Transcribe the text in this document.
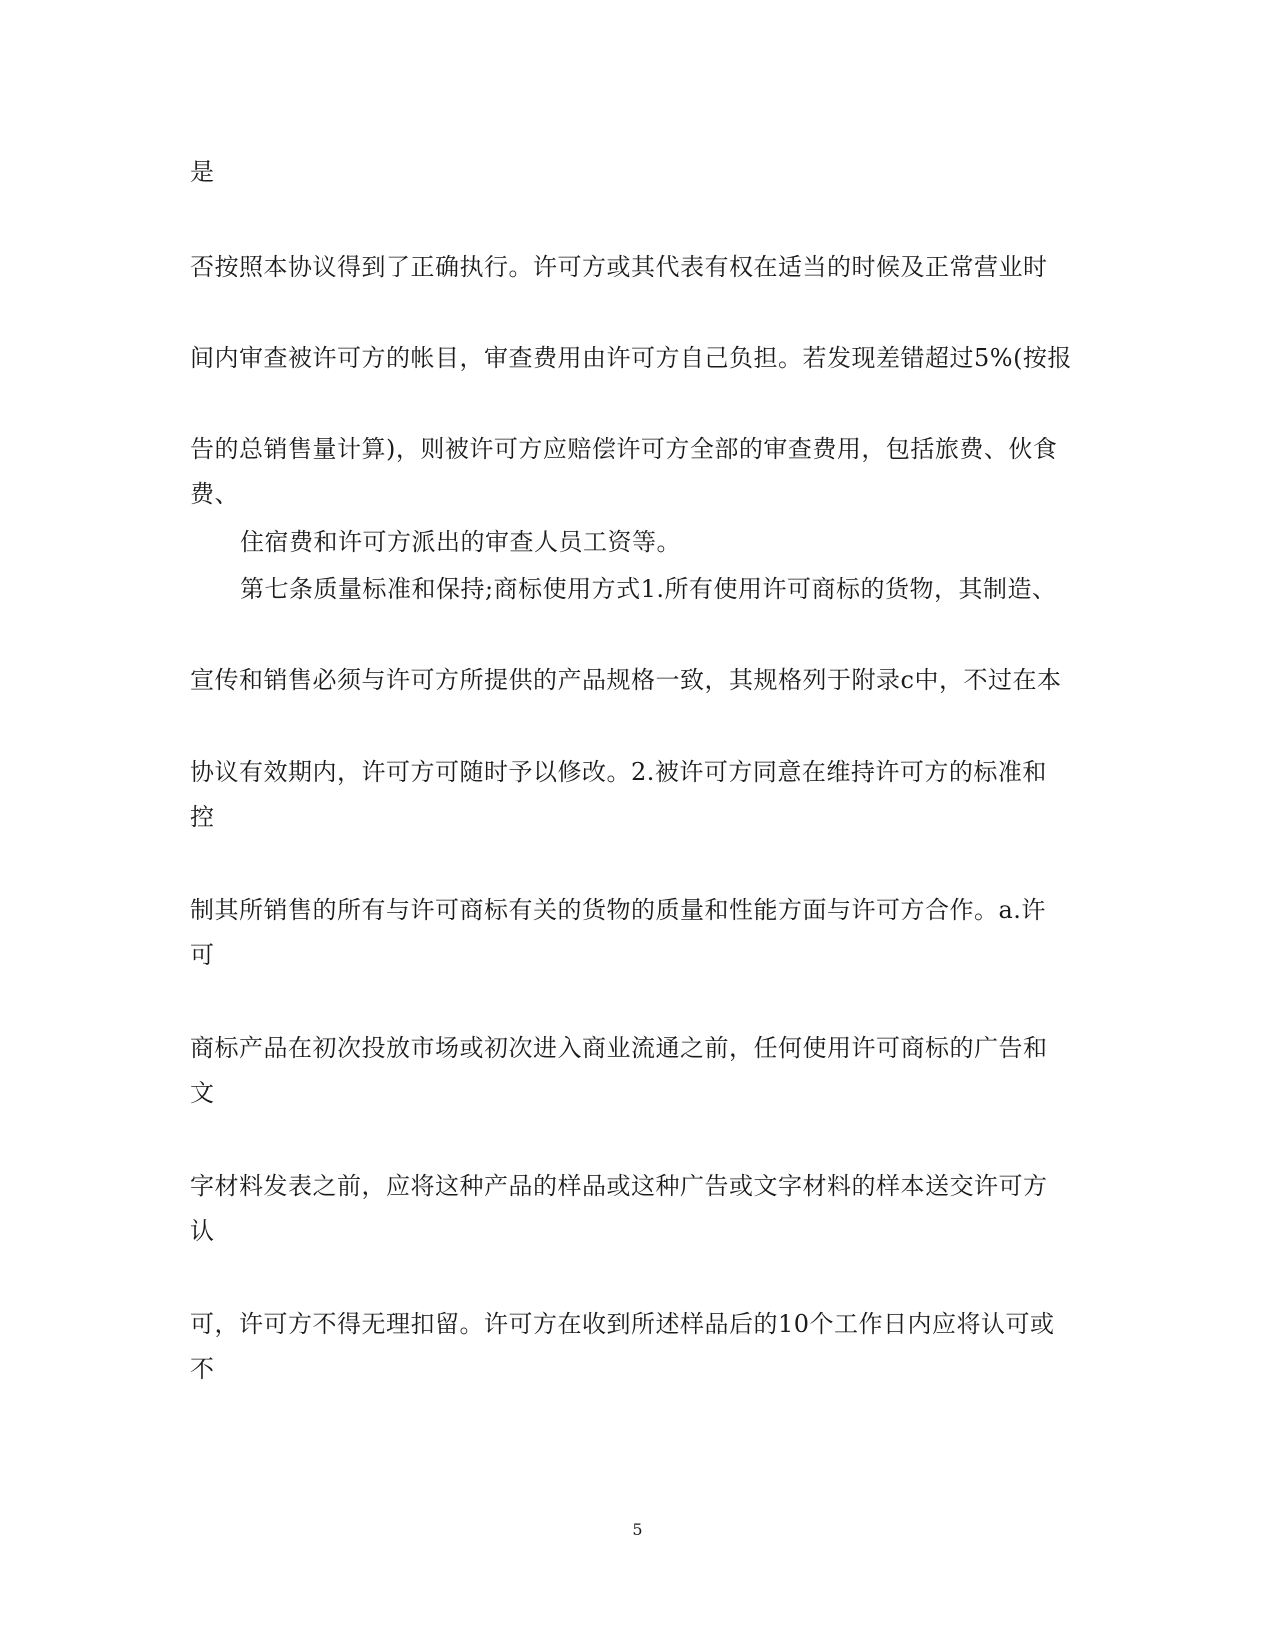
是
否按照本协议得到了正确执行。许可方或其代表有权在适当的时候及正常营业时
间内审查被许可方的帐目，审查费用由许可方自己负担。若发现差错超过5%(按报
告的总销售量计算)，则被许可方应赔偿许可方全部的审查费用，包括旅费、伙食
费、
住宿费和许可方派出的审查人员工资等。
第七条质量标准和保持;商标使用方式1.所有使用许可商标的货物，其制造、
宣传和销售必须与许可方所提供的产品规格一致，其规格列于附录c中，不过在本
协议有效期内，许可方可随时予以修改。2.被许可方同意在维持许可方的标准和
控
制其所销售的所有与许可商标有关的货物的质量和性能方面与许可方合作。a.许
可
商标产品在初次投放市场或初次进入商业流通之前，任何使用许可商标的广告和
文
字材料发表之前，应将这种产品的样品或这种广告或文字材料的样本送交许可方
认
可，许可方不得无理扣留。许可方在收到所述样品后的10个工作日内应将认可或
不
5
